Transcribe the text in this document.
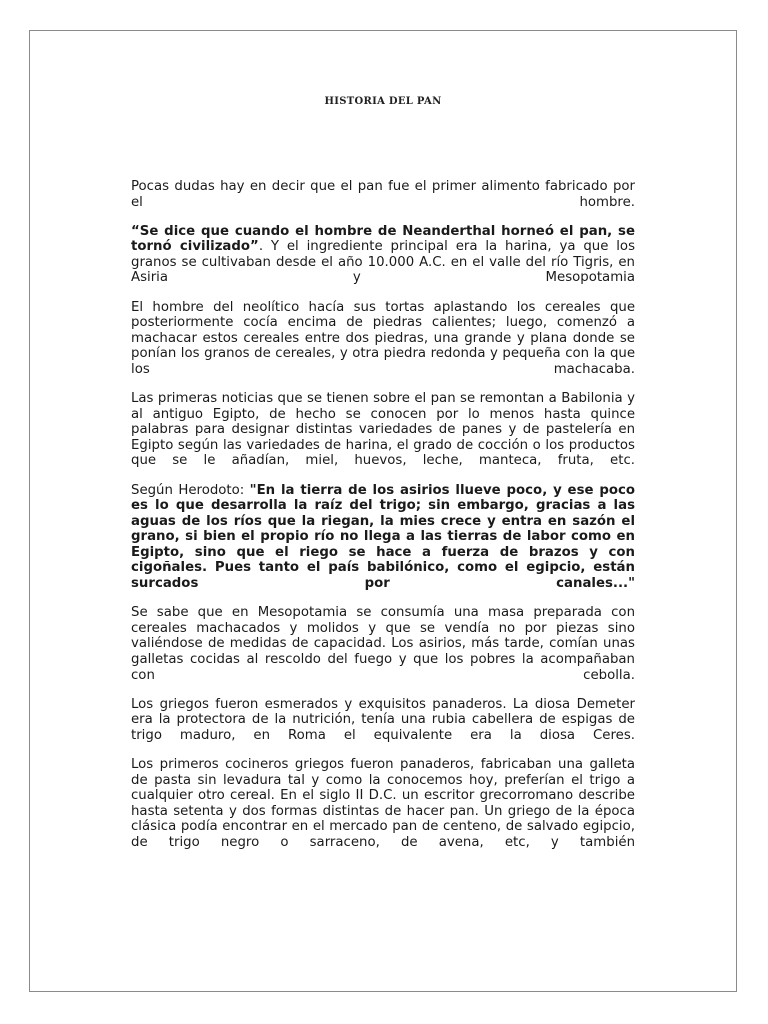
HISTORIA DEL PAN

Pocas dudas hay en decir que el pan fue el primer alimento fabricado por el hombre.

“Se dice que cuando el hombre de Neanderthal horneó el pan, se tornó civilizado”. Y el ingrediente principal era la harina, ya que los granos se cultivaban desde el año 10.000 A.C. en el valle del río Tigris, en Asiria y Mesopotamia

El hombre del neolítico hacía sus tortas aplastando los cereales que posteriormente cocía encima de piedras calientes; luego, comenzó a machacar estos cereales entre dos piedras, una grande y plana donde se ponían los granos de cereales, y otra piedra redonda y pequeña con la que los machacaba.

Las primeras noticias que se tienen sobre el pan se remontan a Babilonia y al antiguo Egipto, de hecho se conocen por lo menos hasta quince palabras para designar distintas variedades de panes y de pastelería en Egipto según las variedades de harina, el grado de cocción o los productos que se le añadían, miel, huevos, leche, manteca, fruta, etc.

Según Herodoto: "En la tierra de los asirios llueve poco, y ese poco es lo que desarrolla la raíz del trigo; sin embargo, gracias a las aguas de los ríos que la riegan, la mies crece y entra en sazón el grano, si bien el propio río no llega a las tierras de labor como en Egipto, sino que el riego se hace a fuerza de brazos y con cigoñales. Pues tanto el país babilónico, como el egipcio, están surcados por canales..."

Se sabe que en Mesopotamia se consumía una masa preparada con cereales machacados y molidos y que se vendía no por piezas sino valiéndose de medidas de capacidad. Los asirios, más tarde, comían unas galletas cocidas al rescoldo del fuego y que los pobres la acompañaban con cebolla.

Los griegos fueron esmerados y exquisitos panaderos. La diosa Demeter era la protectora de la nutrición, tenía una rubia cabellera de espigas de trigo maduro, en Roma el equivalente era la diosa Ceres.

Los primeros cocineros griegos fueron panaderos, fabricaban una galleta de pasta sin levadura tal y como la conocemos hoy, preferían el trigo a cualquier otro cereal. En el siglo II D.C. un escritor grecorromano describe hasta setenta y dos formas distintas de hacer pan. Un griego de la época clásica podía encontrar en el mercado pan de centeno, de salvado egipcio, de trigo negro o sarraceno, de avena, etc, y también
